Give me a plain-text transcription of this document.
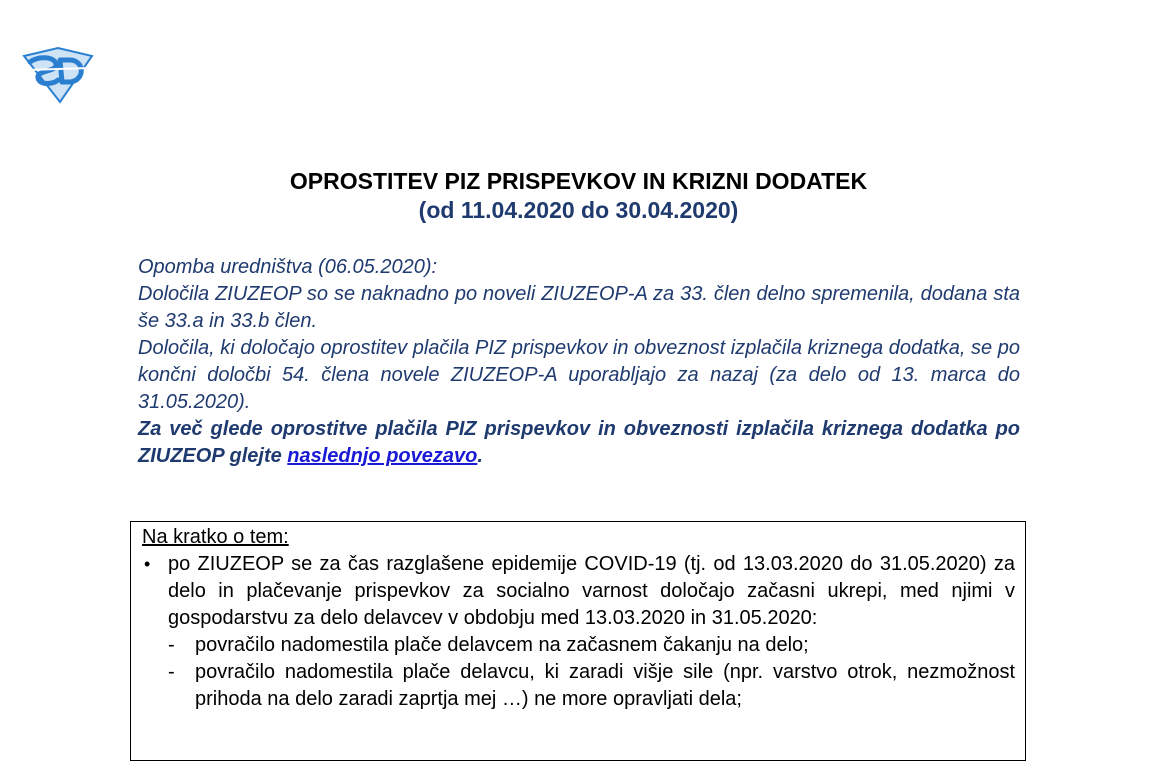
OPROSTITEV PIZ PRISPEVKOV IN KRIZNI DODATEK
(od 11.04.2020 do 30.04.2020)

Opomba uredništva (06.05.2020):

Določila ZIUZEOP so se naknadno po noveli ZIUZEOP-A za 33. člen delno spremenila, dodana sta še 33.a in 33.b člen.

Določila, ki določajo oprostitev plačila PIZ prispevkov in obveznost izplačila kriznega dodatka, se po končni določbi 54. člena novele ZIUZEOP-A uporabljajo za nazaj (za delo od 13. marca do 31.05.2020).

Za več glede oprostitve plačila PIZ prispevkov in obveznosti izplačila kriznega dodatka po ZIUZEOP glejte naslednjo povezavo.

Na kratko o tem:

• po ZIUZEOP se za čas razglašene epidemije COVID-19 (tj. od 13.03.2020 do 31.05.2020) za delo in plačevanje prispevkov za socialno varnost določajo začasni ukrepi, med njimi v gospodarstvu za delo delavcev v obdobju med 13.03.2020 in 31.05.2020:

- povračilo nadomestila plače delavcem na začasnem čakanju na delo;

- povračilo nadomestila plače delavcu, ki zaradi višje sile (npr. varstvo otrok, nezmožnost prihoda na delo zaradi zaprtja mej …) ne more opravljati dela;
